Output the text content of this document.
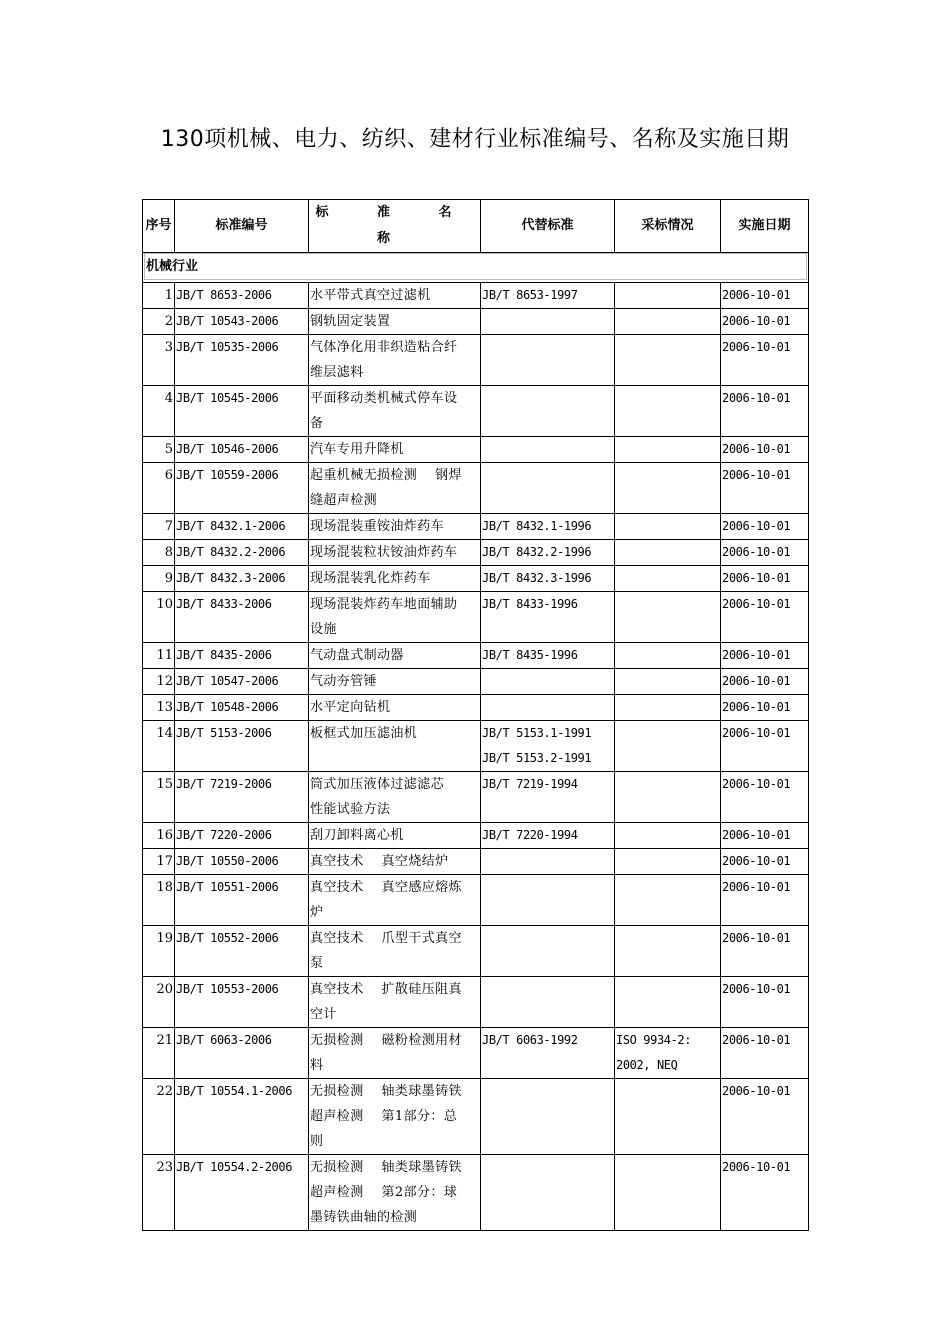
130项机械、电力、纺织、建材行业标准编号、名称及实施日期
序号	标准编号	标 准 名 称	代替标准	采标情况	实施日期

机械行业					

1	JB/T 8653-2006	水平带式真空过滤机	JB/T 8653-1997		2006-10-01
2	JB/T 10543-2006	钢轨固定装置			2006-10-01
3	JB/T 10535-2006	气体净化用非织造粘合纤
维层滤料			2006-10-01
4	JB/T 10545-2006	平面移动类机械式停车设
备			2006-10-01
5	JB/T 10546-2006	汽车专用升降机			2006-10-01
6	JB/T 10559-2006	起重机械无损检测　 钢焊
缝超声检测			2006-10-01
7	JB/T 8432.1-2006	现场混装重铵油炸药车	JB/T 8432.1-1996		2006-10-01
8	JB/T 8432.2-2006	现场混装粒状铵油炸药车	JB/T 8432.2-1996		2006-10-01
9	JB/T 8432.3-2006	现场混装乳化炸药车	JB/T 8432.3-1996		2006-10-01
10	JB/T 8433-2006	现场混装炸药车地面辅助
设施	JB/T 8433-1996		2006-10-01
11	JB/T 8435-2006	气动盘式制动器	JB/T 8435-1996		2006-10-01
12	JB/T 10547-2006	气动夯管锤			2006-10-01
13	JB/T 10548-2006	水平定向钻机			2006-10-01
14	JB/T 5153-2006	板框式加压滤油机	JB/T 5153.1-1991
JB/T 5153.2-1991		2006-10-01
15	JB/T 7219-2006	筒式加压液体过滤滤芯
性能试验方法	JB/T 7219-1994		2006-10-01
16	JB/T 7220-2006	刮刀卸料离心机	JB/T 7220-1994		2006-10-01
17	JB/T 10550-2006	真空技术　 真空烧结炉			2006-10-01
18	JB/T 10551-2006	真空技术　 真空感应熔炼
炉			2006-10-01
19	JB/T 10552-2006	真空技术　 爪型干式真空
泵			2006-10-01
20	JB/T 10553-2006	真空技术　 扩散硅压阻真
空计			2006-10-01
21	JB/T 6063-2006	无损检测　 磁粉检测用材
料	JB/T 6063-1992	ISO 9934-2:
2002, NEQ	2006-10-01
22	JB/T 10554.1-2006	无损检测　 轴类球墨铸铁
超声检测　 第1部分：总
则			2006-10-01
23	JB/T 10554.2-2006	无损检测　 轴类球墨铸铁
超声检测　 第2部分：球
墨铸铁曲轴的检测			2006-10-01
